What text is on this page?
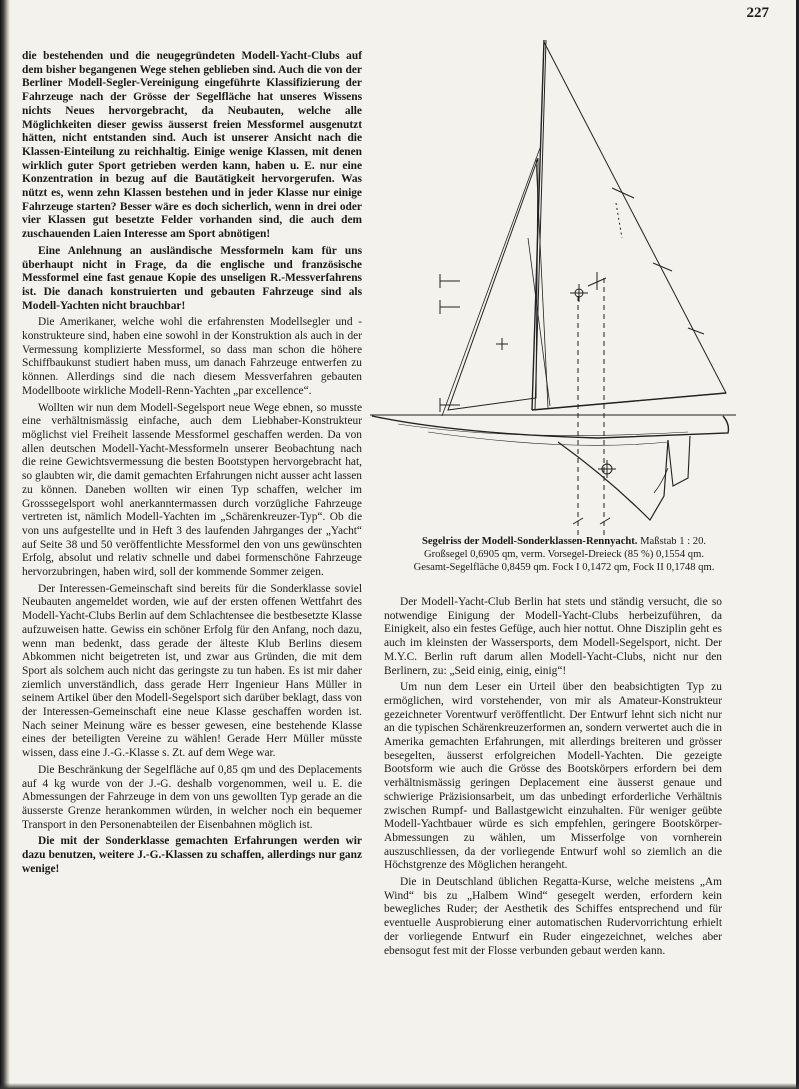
227

die bestehenden und die neugegründeten Modell-Yacht-Clubs auf dem bisher begangenen Wege stehen geblieben sind. Auch die von der Berliner Modell-Segler-Vereinigung eingeführte Klassifizierung der Fahrzeuge nach der Grösse der Segelfläche hat unseres Wissens nichts Neues hervorgebracht, da Neubauten, welche alle Möglichkeiten dieser gewiss äusserst freien Messformel ausgenutzt hätten, nicht entstanden sind. Auch ist unserer Ansicht nach die Klassen-Einteilung zu reichhaltig. Einige wenige Klassen, mit denen wirklich guter Sport getrieben werden kann, haben u. E. nur eine Konzentration in bezug auf die Bautätigkeit hervorgerufen. Was nützt es, wenn zehn Klassen bestehen und in jeder Klasse nur einige Fahrzeuge starten? Besser wäre es doch sicherlich, wenn in drei oder vier Klassen gut besetzte Felder vorhanden sind, die auch dem zuschauenden Laien Interesse am Sport abnötigen!

Eine Anlehnung an ausländische Messformeln kam für uns überhaupt nicht in Frage, da die englische und französische Messformel eine fast genaue Kopie des unseligen R.-Messverfahrens ist. Die danach konstruierten und gebauten Fahrzeuge sind als Modell-Yachten nicht brauchbar!

Die Amerikaner, welche wohl die erfahrensten Modellsegler und -konstrukteure sind, haben eine sowohl in der Konstruktion als auch in der Vermessung komplizierte Messformel, so dass man schon die höhere Schiffbaukunst studiert haben muss, um danach Fahrzeuge entwerfen zu können. Allerdings sind die nach diesem Messverfahren gebauten Modellboote wirkliche Modell-Renn-Yachten „par excellence“.

Wollten wir nun dem Modell-Segelsport neue Wege ebnen, so musste eine verhältnismässig einfache, auch dem Liebhaber-Konstrukteur möglichst viel Freiheit lassende Messformel geschaffen werden. Da von allen deutschen Modell-Yacht-Messformeln unserer Beobachtung nach die reine Gewichtsvermessung die besten Bootstypen hervorgebracht hat, so glaubten wir, die damit gemachten Erfahrungen nicht ausser acht lassen zu können. Daneben wollten wir einen Typ schaffen, welcher im Grosssegelsport wohl anerkanntermassen durch vorzügliche Fahrzeuge vertreten ist, nämlich Modell-Yachten im „Schärenkreuzer-Typ“. Ob die von uns aufgestellte und in Heft 3 des laufenden Jahrganges der „Yacht“ auf Seite 38 und 50 veröffentlichte Messformel den von uns gewünschten Erfolg, absolut und relativ schnelle und dabei formenschöne Fahrzeuge hervorzubringen, haben wird, soll der kommende Sommer zeigen.

Der Interessen-Gemeinschaft sind bereits für die Sonderklasse soviel Neubauten angemeldet worden, wie auf der ersten offenen Wettfahrt des Modell-Yacht-Clubs Berlin auf dem Schlachtensee die bestbesetzte Klasse aufzuweisen hatte. Gewiss ein schöner Erfolg für den Anfang, noch dazu, wenn man bedenkt, dass gerade der älteste Klub Berlins diesem Abkommen nicht beigetreten ist, und zwar aus Gründen, die mit dem Sport als solchem auch nicht das geringste zu tun haben. Es ist mir daher ziemlich unverständlich, dass gerade Herr Ingenieur Hans Müller in seinem Artikel über den Modell-Segelsport sich darüber beklagt, dass von der Interessen-Gemeinschaft eine neue Klasse geschaffen worden ist. Nach seiner Meinung wäre es besser gewesen, eine bestehende Klasse eines der beteiligten Vereine zu wählen! Gerade Herr Müller müsste wissen, dass eine J.-G.-Klasse s. Zt. auf dem Wege war.

Die Beschränkung der Segelfläche auf 0,85 qm und des Deplacements auf 4 kg wurde von der J.-G. deshalb vorgenommen, weil u. E. die Abmessungen der Fahrzeuge in dem von uns gewollten Typ gerade an die äusserste Grenze herankommen würden, in welcher noch ein bequemer Transport in den Personenabteilen der Eisenbahnen möglich ist.

Die mit der Sonderklasse gemachten Erfahrungen werden wir dazu benutzen, weitere J.-G.-Klassen zu schaffen, allerdings nur ganz wenige!

Segelriss der Modell-Sonderklassen-Rennyacht. Maßstab 1 : 20.
Großsegel 0,6905 qm, verm. Vorsegel-Dreieck (85 %) 0,1554 qm.
Gesamt-Segelfläche 0,8459 qm. Fock I 0,1472 qm, Fock II 0,1748 qm.

Der Modell-Yacht-Club Berlin hat stets und ständig versucht, die so notwendige Einigung der Modell-Yacht-Clubs herbeizuführen, da Einigkeit, also ein festes Gefüge, auch hier nottut. Ohne Disziplin geht es auch im kleinsten der Wassersports, dem Modell-Segelsport, nicht. Der M.Y.C. Berlin ruft darum allen Modell-Yacht-Clubs, nicht nur den Berlinern, zu: „Seid einig, einig, einig“!

Um nun dem Leser ein Urteil über den beabsichtigten Typ zu ermöglichen, wird vorstehender, von mir als Amateur-Konstrukteur gezeichneter Vorentwurf veröffentlicht. Der Entwurf lehnt sich nicht nur an die typischen Schärenkreuzerformen an, sondern verwertet auch die in Amerika gemachten Erfahrungen, mit allerdings breiteren und grösser besegelten, äusserst erfolgreichen Modell-Yachten. Die gezeigte Bootsform wie auch die Grösse des Bootskörpers erfordern bei dem verhältnismässig geringen Deplacement eine äusserst genaue und schwierige Präzisionsarbeit, um das unbedingt erforderliche Verhältnis zwischen Rumpf- und Ballastgewicht einzuhalten. Für weniger geübte Modell-Yachtbauer würde es sich empfehlen, geringere Bootskörper-Abmessungen zu wählen, um Misserfolge von vornherein auszuschliessen, da der vorliegende Entwurf wohl so ziemlich an die Höchstgrenze des Möglichen herangeht.

Die in Deutschland üblichen Regatta-Kurse, welche meistens „Am Wind“ bis zu „Halbem Wind“ gesegelt werden, erfordern kein bewegliches Ruder; der Aesthetik des Schiffes entsprechend und für eventuelle Ausprobierung einer automatischen Rudervorrichtung erhielt der vorliegende Entwurf ein Ruder eingezeichnet, welches aber ebensogut fest mit der Flosse verbunden gebaut werden kann.
